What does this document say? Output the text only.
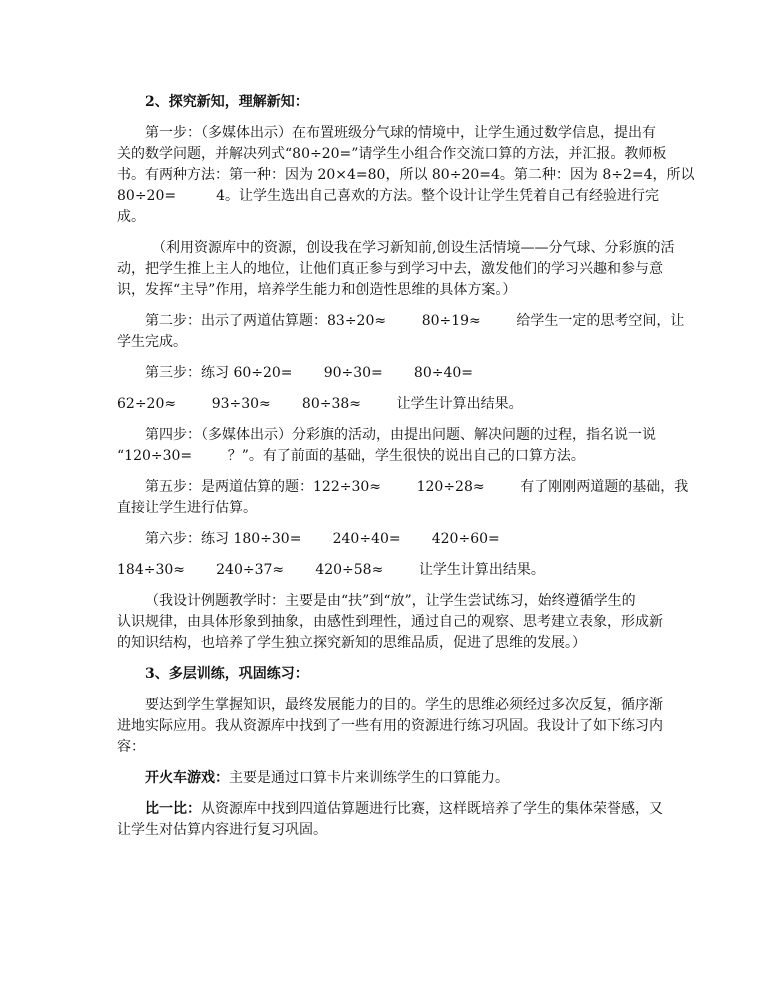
2、探究新知，理解新知：

第一步：（多媒体出示）在布置班级分气球的情境中，让学生通过数学信息，提出有

关的数学问题，并解决列式“80÷20=”请学生小组合作交流口算的方法，并汇报。教师板

书。有两种方法：第一种：因为 20×4=80，所以 80÷20=4。第二种：因为 8÷2=4，所以

80÷20=         4。让学生选出自己喜欢的方法。整个设计让学生凭着自己有经验进行完

成。

（利用资源库中的资源，创设我在学习新知前,创设生活情境——分气球、分彩旗的活

动，把学生推上主人的地位，让他们真正参与到学习中去，激发他们的学习兴趣和参与意

识，发挥“主导”作用，培养学生能力和创造性思维的具体方案。）

第二步：出示了两道估算题：83÷20≈        80÷19≈        给学生一定的思考空间，让

学生完成。

第三步：练习 60÷20=       90÷30=       80÷40=

62÷20≈        93÷30≈       80÷38≈        让学生计算出结果。

第四步：（多媒体出示）分彩旗的活动，由提出问题、解决问题的过程，指名说一说

“120÷30=        ？”。有了前面的基础，学生很快的说出自己的口算方法。

第五步：是两道估算的题：122÷30≈        120÷28≈        有了刚刚两道题的基础，我

直接让学生进行估算。

第六步：练习 180÷30=       240÷40=       420÷60=

184÷30≈       240÷37≈       420÷58≈        让学生计算出结果。

（我设计例题教学时：主要是由“扶”到“放”，让学生尝试练习，始终遵循学生的

认识规律，由具体形象到抽象，由感性到理性，通过自己的观察、思考建立表象，形成新

的知识结构，也培养了学生独立探究新知的思维品质，促进了思维的发展。）

3、多层训练，巩固练习：

要达到学生掌握知识，最终发展能力的目的。学生的思维必须经过多次反复，循序渐

进地实际应用。我从资源库中找到了一些有用的资源进行练习巩固。我设计了如下练习内

容：

开火车游戏：主要是通过口算卡片来训练学生的口算能力。

比一比：从资源库中找到四道估算题进行比赛，这样既培养了学生的集体荣誉感，又

让学生对估算内容进行复习巩固。
